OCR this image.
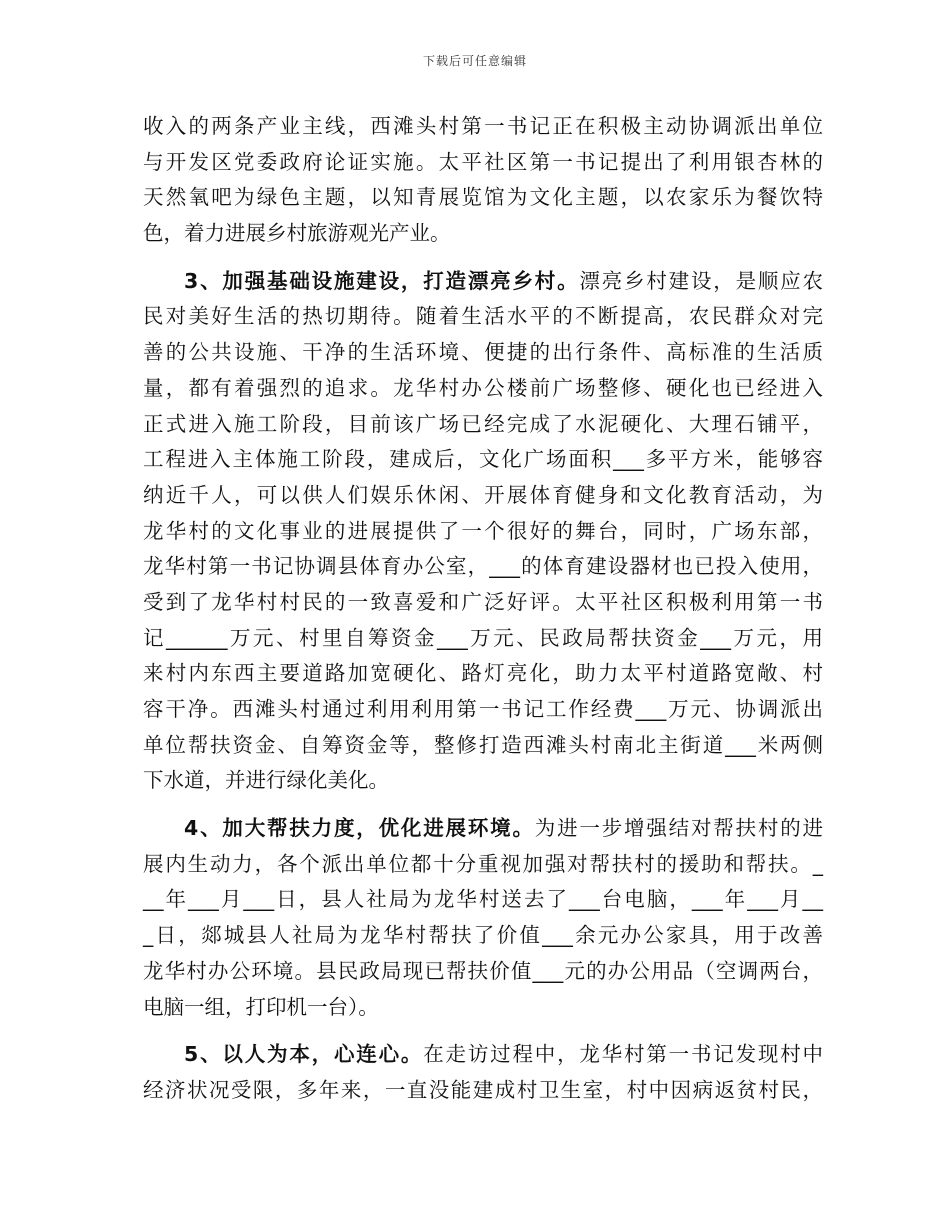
下载后可任意编辑
收入的两条产业主线，西滩头村第一书记正在积极主动协调派出单位
与开发区党委政府论证实施。太平社区第一书记提出了利用银杏林的
天然氧吧为绿色主题，以知青展览馆为文化主题，以农家乐为餐饮特
色，着力进展乡村旅游观光产业。
3、加强基础设施建设，打造漂亮乡村。漂亮乡村建设，是顺应农
民对美好生活的热切期待。随着生活水平的不断提高，农民群众对完
善的公共设施、干净的生活环境、便捷的出行条件、高标准的生活质
量，都有着强烈的追求。龙华村办公楼前广场整修、硬化也已经进入
正式进入施工阶段，目前该广场已经完成了水泥硬化、大理石铺平，
工程进入主体施工阶段，建成后，文化广场面积___多平方米，能够容
纳近千人，可以供人们娱乐休闲、开展体育健身和文化教育活动，为
龙华村的文化事业的进展提供了一个很好的舞台，同时，广场东部，
龙华村第一书记协调县体育办公室，___的体育建设器材也已投入使用，
受到了龙华村村民的一致喜爱和广泛好评。太平社区积极利用第一书
记______万元、村里自筹资金___万元、民政局帮扶资金___万元，用
来村内东西主要道路加宽硬化、路灯亮化，助力太平村道路宽敞、村
容干净。西滩头村通过利用利用第一书记工作经费___万元、协调派出
单位帮扶资金、自筹资金等，整修打造西滩头村南北主街道___米两侧
下水道，并进行绿化美化。
4、加大帮扶力度，优化进展环境。为进一步增强结对帮扶村的进
展内生动力，各个派出单位都十分重视加强对帮扶村的援助和帮扶。_
__年___月___日，县人社局为龙华村送去了___台电脑，___年___月__
_日，郯城县人社局为龙华村帮扶了价值___余元办公家具，用于改善
龙华村办公环境。县民政局现已帮扶价值___元的办公用品（空调两台，
电脑一组，打印机一台）。
5、以人为本，心连心。在走访过程中，龙华村第一书记发现村中
经济状况受限，多年来，一直没能建成村卫生室，村中因病返贫村民，
